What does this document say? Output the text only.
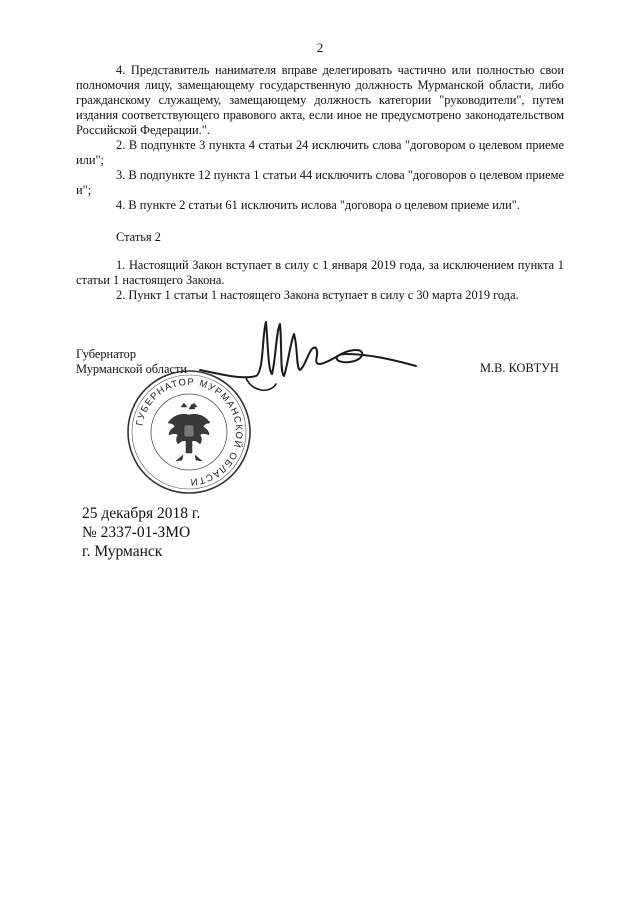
2

4. Представитель нанимателя вправе делегировать частично или полностью свои полномочия лицу, замещающему государственную должность Мурманской области, либо гражданскому служащему, замещающему должность категории "руководители", путем издания соответствующего правового акта, если иное не предусмотрено законодательством Российской Федерации.".

2. В подпункте 3 пункта 4 статьи 24 исключить слова "договором о целевом приеме или";

3. В подпункте 12 пункта 1 статьи 44 исключить слова "договоров о целевом приеме и";

4. В пункте 2 статьи 61 исключить иcлова "договора о целевом приеме или".

Статья 2

1. Настоящий Закон вступает в силу с 1 января 2019 года, за исключением пункта 1 статьи 1 настоящего Закона.

2. Пункт 1 статьи 1 настоящего Закона вступает в силу с 30 марта 2019 года.

ГУБЕРНАТОР МУРМАНСКОЙ ОБЛАСТИ
Губернатор
Мурманской области	М.В. КОВТУН
25 декабря 2018 г.
№ 2337-01-ЗМО
г. Мурманск
